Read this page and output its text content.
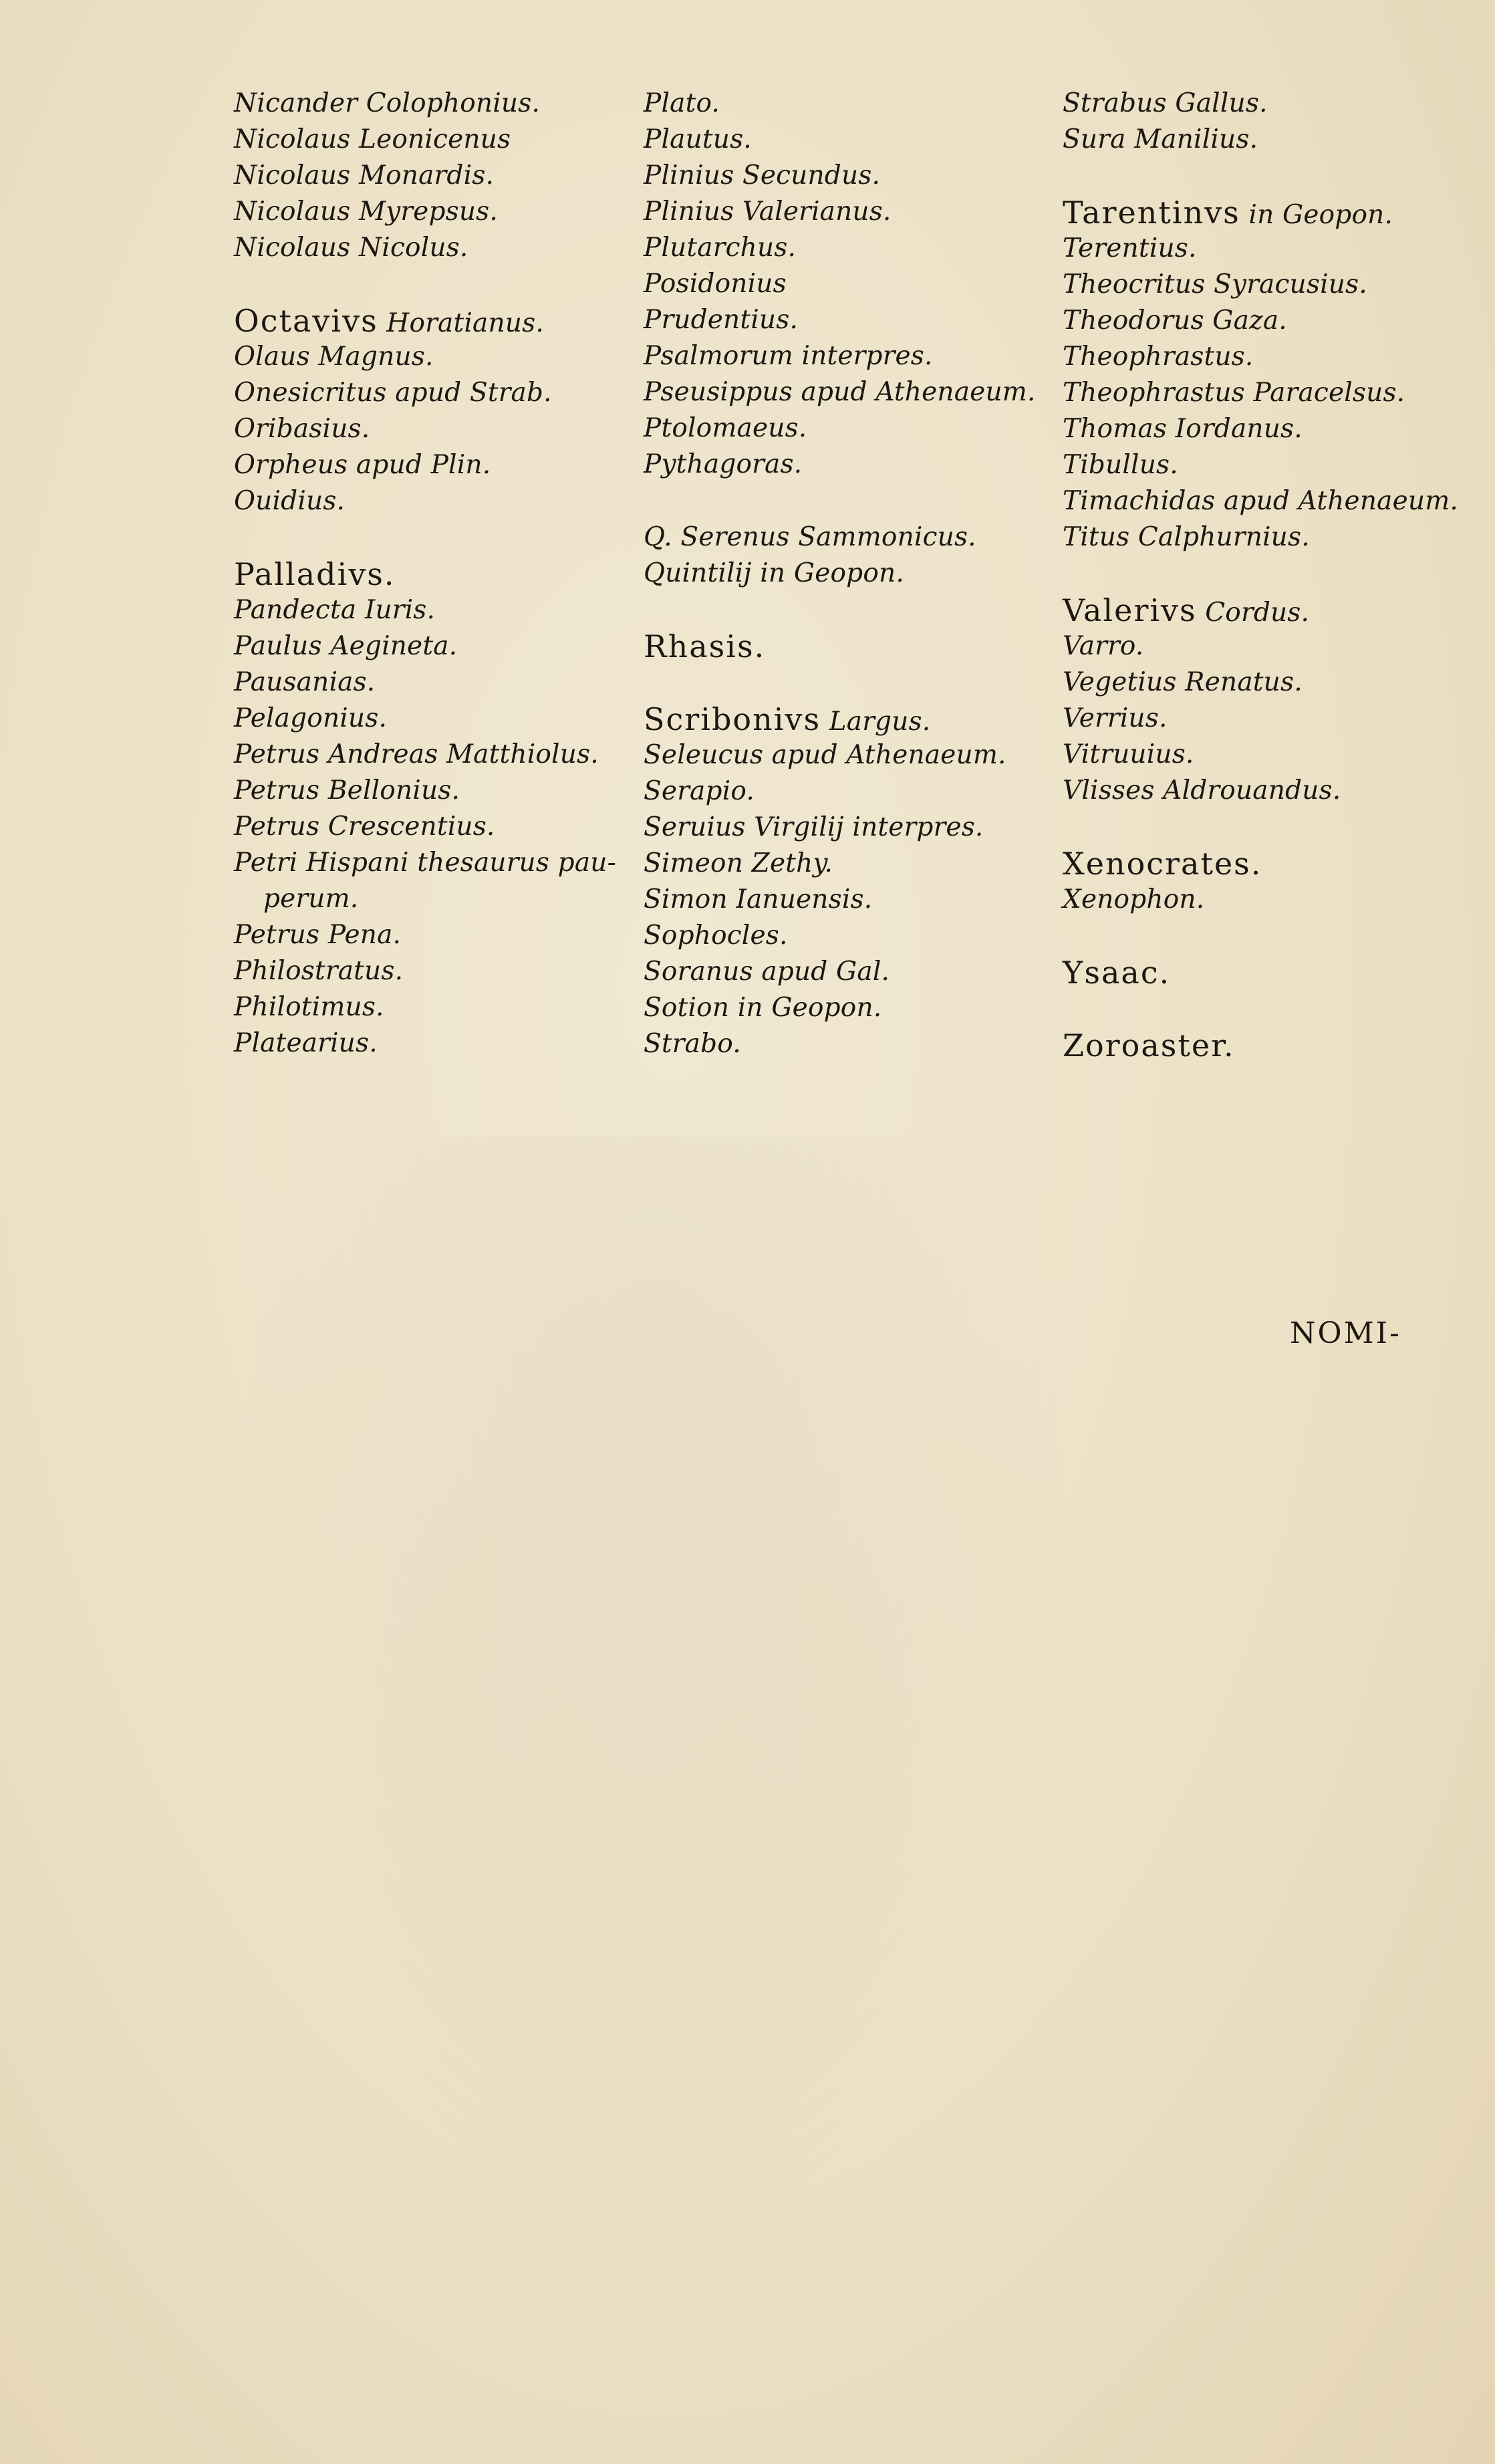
Nicander Colophonius.
Nicolaus Leonicenus
Nicolaus Monardis.
Nicolaus Myrepsus.
Nicolaus Nicolus.
Octavivs Horatianus.
Olaus Magnus.
Onesicritus apud Strab.
Oribasius.
Orpheus apud Plin.
Ouidius.
Palladivs.
Pandecta Iuris.
Paulus Aegineta.
Pausanias.
Pelagonius.
Petrus Andreas Matthiolus.
Petrus Bellonius.
Petrus Crescentius.
Petri Hispani thesaurus pau-
perum.
Petrus Pena.
Philostratus.
Philotimus.
Platearius.
Plato.
Plautus.
Plinius Secundus.
Plinius Valerianus.
Plutarchus.
Posidonius
Prudentius.
Psalmorum interpres.
Pseusippus apud Athenaeum.
Ptolomaeus.
Pythagoras.
Q. Serenus Sammonicus.
Quintilij in Geopon.
Rhasis.
Scribonivs Largus.
Seleucus apud Athenaeum.
Serapio.
Seruius Virgilij interpres.
Simeon Zethy.
Simon Ianuensis.
Sophocles.
Soranus apud Gal.
Sotion in Geopon.
Strabo.
Strabus Gallus.
Sura Manilius.
Tarentinvs in Geopon.
Terentius.
Theocritus Syracusius.
Theodorus Gaza.
Theophrastus.
Theophrastus Paracelsus.
Thomas Iordanus.
Tibullus.
Timachidas apud Athenaeum.
Titus Calphurnius.
Valerivs Cordus.
Varro.
Vegetius Renatus.
Verrius.
Vitruuius.
Vlisses Aldrouandus.
Xenocrates.
Xenophon.
Ysaac.
Zoroaster.
NOMI-
